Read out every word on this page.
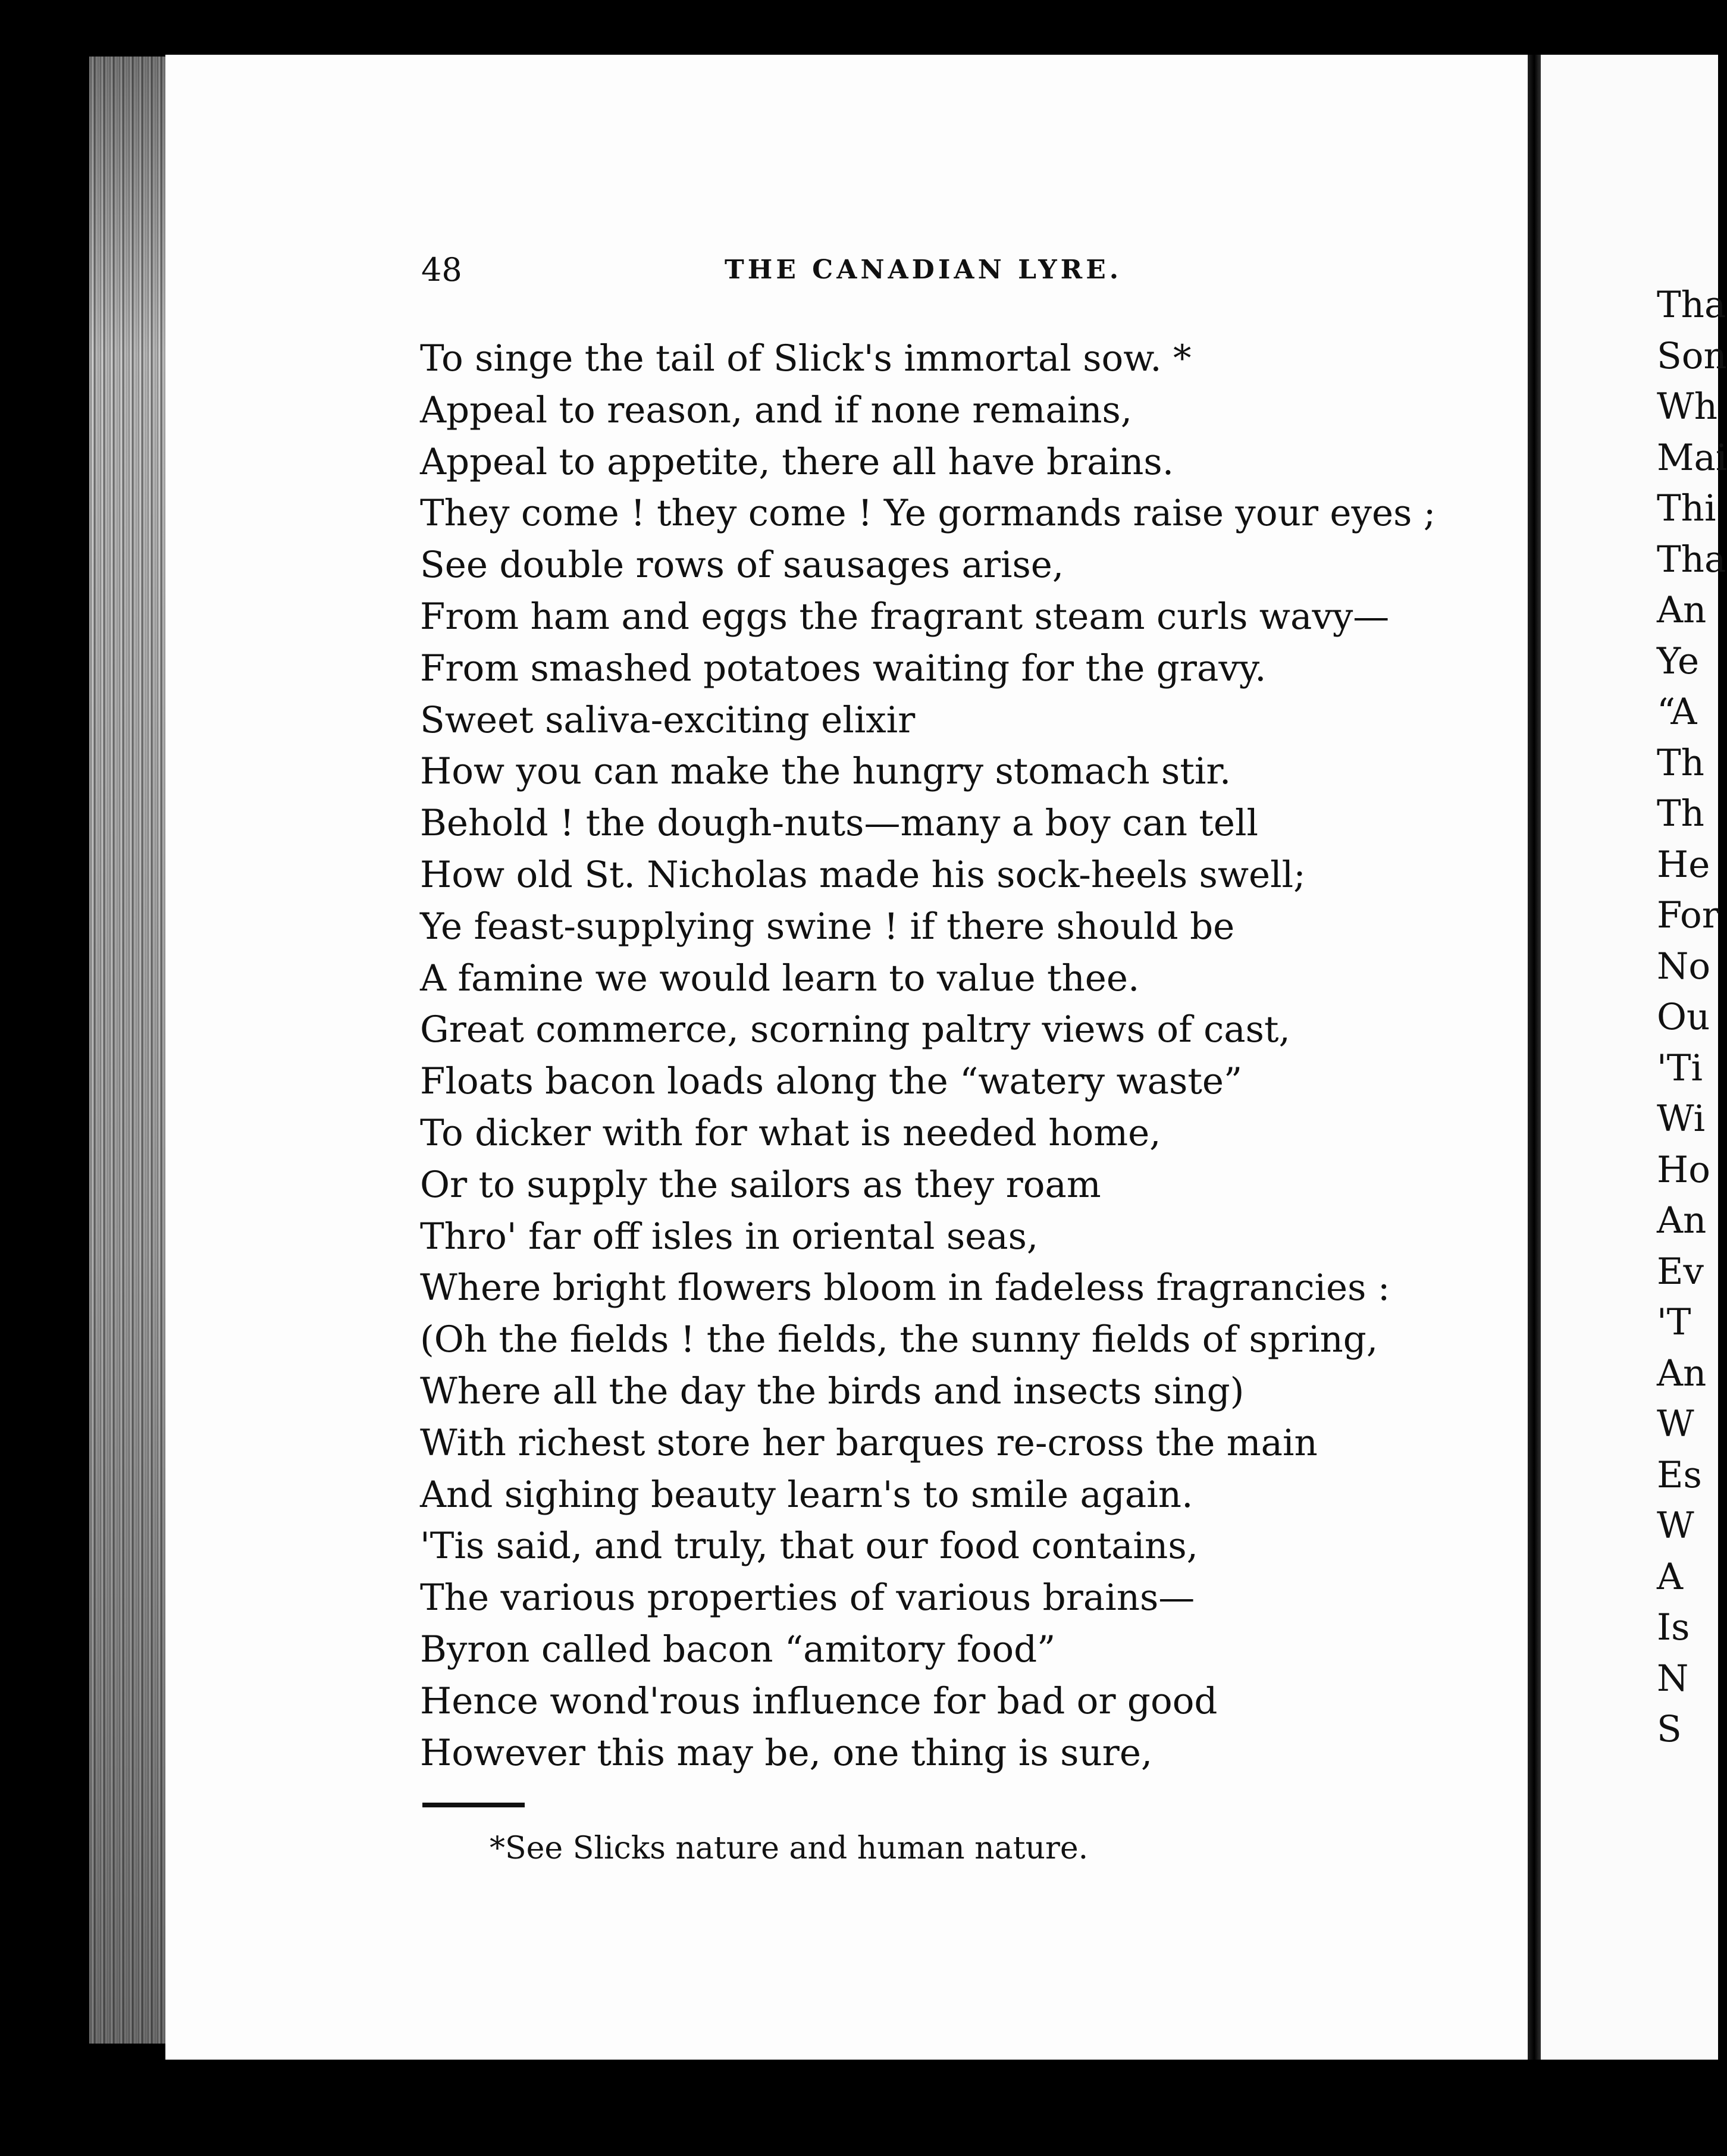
48	THE CANADIAN LYRE.
To singe the tail of Slick's immortal sow. *
Appeal to reason, and if none remains,
Appeal to appetite, there all have brains.
They come ! they come ! Ye gormands raise your eyes ;
See double rows of sausages arise,
From ham and eggs the fragrant steam curls wavy—
From smashed potatoes waiting for the gravy.
Sweet saliva-exciting elixir
How you can make the hungry stomach stir.
Behold ! the dough-nuts—many a boy can tell
How old St. Nicholas made his sock-heels swell;
Ye feast-supplying swine ! if there should be
A famine we would learn to value thee.
Great commerce, scorning paltry views of cast,
Floats bacon loads along the “watery waste”
To dicker with for what is needed home,
Or to supply the sailors as they roam
Thro' far off isles in oriental seas,
Where bright flowers bloom in fadeless fragrancies :
(Oh the fields ! the fields, the sunny fields of spring,
Where all the day the birds and insects sing)
With richest store her barques re-cross the main
And sighing beauty learn's to smile again.
'Tis said, and truly, that our food contains,
The various properties of various brains—
Byron called bacon “amitory food”
Hence wond'rous influence for bad or good
However this may be, one thing is sure,
*See Slicks nature and human nature.
Tha
Son
Wh
Mai
Thi
Tha
An
Ye
“A
Th
Th
He
For
No
Ou
'Ti
Wi
Ho
An
Ev
'T
An
W
Es
W
A
Is
N
S
